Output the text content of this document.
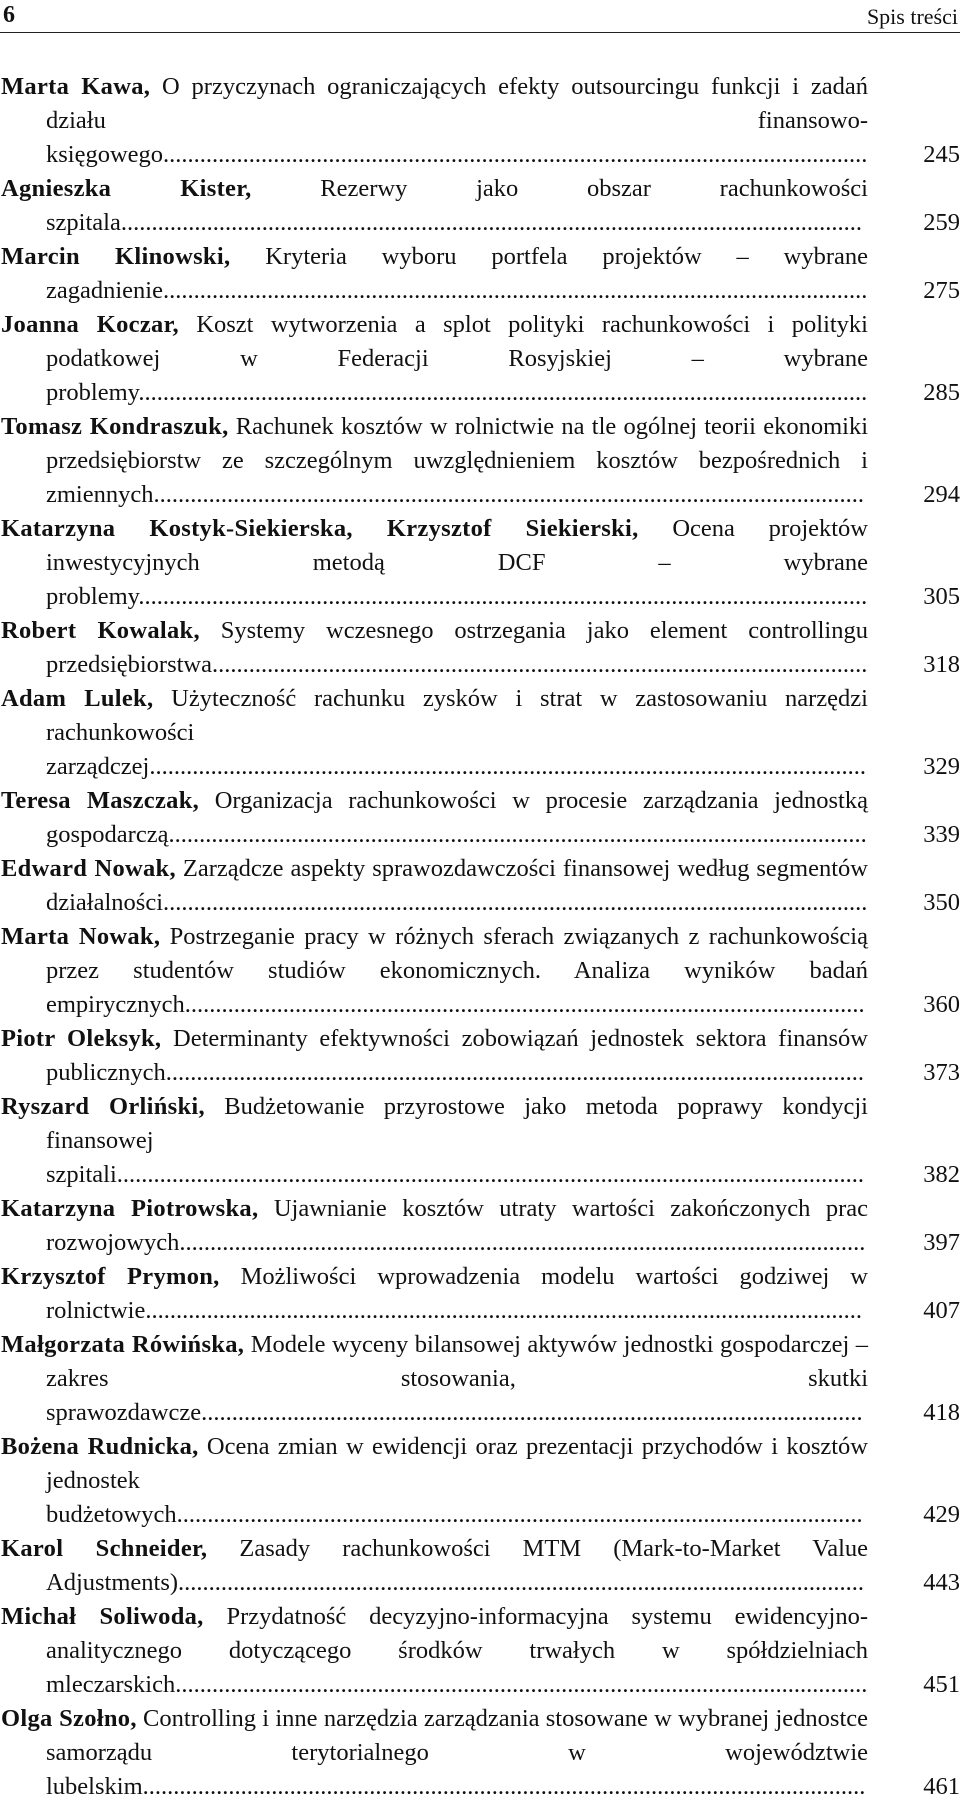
6	Spis treści
Marta Kawa, O przyczynach ograniczających efekty outsourcingu funkcji i zadań działu finansowo-księgowego...................................................................................................................	245
Agnieszka Kister, Rezerwy jako obszar rachunkowości szpitala.........................................................................................................................	259
Marcin Klinowski, Kryteria wyboru portfela projektów – wybrane zagadnienie...................................................................................................................	275
Joanna Koczar, Koszt wytworzenia a splot polityki rachunkowości i polityki podatkowej w Federacji Rosyjskiej – wybrane problemy.......................................................................................................................	285
Tomasz Kondraszuk, Rachunek kosztów w rolnictwie na tle ogólnej teorii ekonomiki przedsiębiorstw ze szczególnym uwzględnieniem kosztów bezpośrednich i zmiennych....................................................................................................................	294
Katarzyna Kostyk-Siekierska, Krzysztof Siekierski, Ocena projektów inwestycyjnych metodą DCF – wybrane problemy.......................................................................................................................	305
Robert Kowalak, Systemy wczesnego ostrzegania jako element controllingu przedsiębiorstwa...........................................................................................................	318
Adam Lulek, Użyteczność rachunku zysków i strat w zastosowaniu narzędzi rachunkowości zarządczej.....................................................................................................................	329
Teresa Maszczak, Organizacja rachunkowości w procesie zarządzania jednostką gospodarczą..................................................................................................................	339
Edward Nowak, Zarządcze aspekty sprawozdawczości finansowej według segmentów działalności...................................................................................................................	350
Marta Nowak, Postrzeganie pracy w różnych sferach związanych z rachunkowością przez studentów studiów ekonomicznych. Analiza wyników badań empirycznych...............................................................................................................	360
Piotr Oleksyk, Determinanty efektywności zobowiązań jednostek sektora finansów publicznych..................................................................................................................	373
Ryszard Orliński, Budżetowanie przyrostowe jako metoda poprawy kondycji finansowej szpitali..........................................................................................................................	382
Katarzyna Piotrowska, Ujawnianie kosztów utraty wartości zakończonych prac rozwojowych................................................................................................................	397
Krzysztof Prymon, Możliwości wprowadzenia modelu wartości godziwej w rolnictwie.....................................................................................................................	407
Małgorzata Rówińska, Modele wyceny bilansowej aktywów jednostki gospodarczej – zakres stosowania, skutki sprawozdawcze............................................................................................................	418
Bożena Rudnicka, Ocena zmian w ewidencji oraz prezentacji przychodów i kosztów jednostek budżetowych................................................................................................................	429
Karol Schneider, Zasady rachunkowości MTM (Mark-to-Market Value Adjustments)................................................................................................................	443
Michał Soliwoda, Przydatność decyzyjno-informacyjna systemu ewidencyjno-analitycznego dotyczącego środków trwałych w spółdzielniach mleczarskich.................................................................................................................	451
Olga Szołno, Controlling i inne narzędzia zarządzania stosowane w wybranej jednostce samorządu terytorialnego w województwie lubelskim......................................................................................................................	461
